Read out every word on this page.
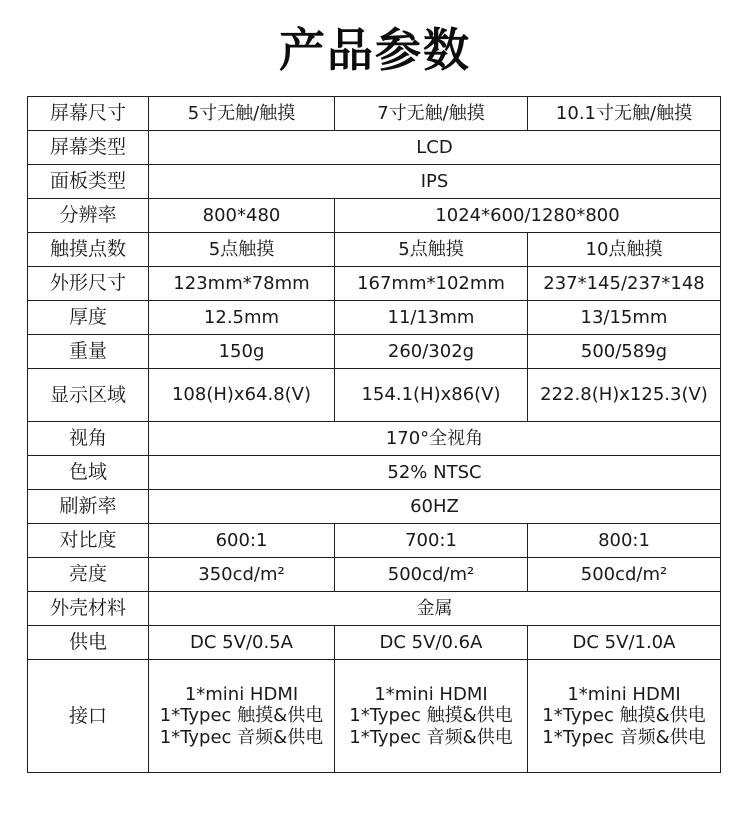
产品参数
屏幕尺寸	5寸无触/触摸	7寸无触/触摸	10.1寸无触/触摸
屏幕类型	LCD		
面板类型	IPS		
分辨率	800*480	1024*600/1280*800	
触摸点数	5点触摸	5点触摸	10点触摸
外形尺寸	123mm*78mm	167mm*102mm	237*145/237*148
厚度	12.5mm	11/13mm	13/15mm
重量	150g	260/302g	500/589g
显示区域	108(H)x64.8(V)	154.1(H)x86(V)	222.8(H)x125.3(V)
视角	170°全视角		
色域	52% NTSC		
刷新率	60HZ		
对比度	600:1	700:1	800:1
亮度	350cd/m²	500cd/m²	500cd/m²
外壳材料	金属		
供电	DC 5V/0.5A	DC 5V/0.6A	DC 5V/1.0A
接口	1*mini HDMI
1*Typec 触摸&供电
1*Typec 音频&供电	1*mini HDMI
1*Typec 触摸&供电
1*Typec 音频&供电	1*mini HDMI
1*Typec 触摸&供电
1*Typec 音频&供电
